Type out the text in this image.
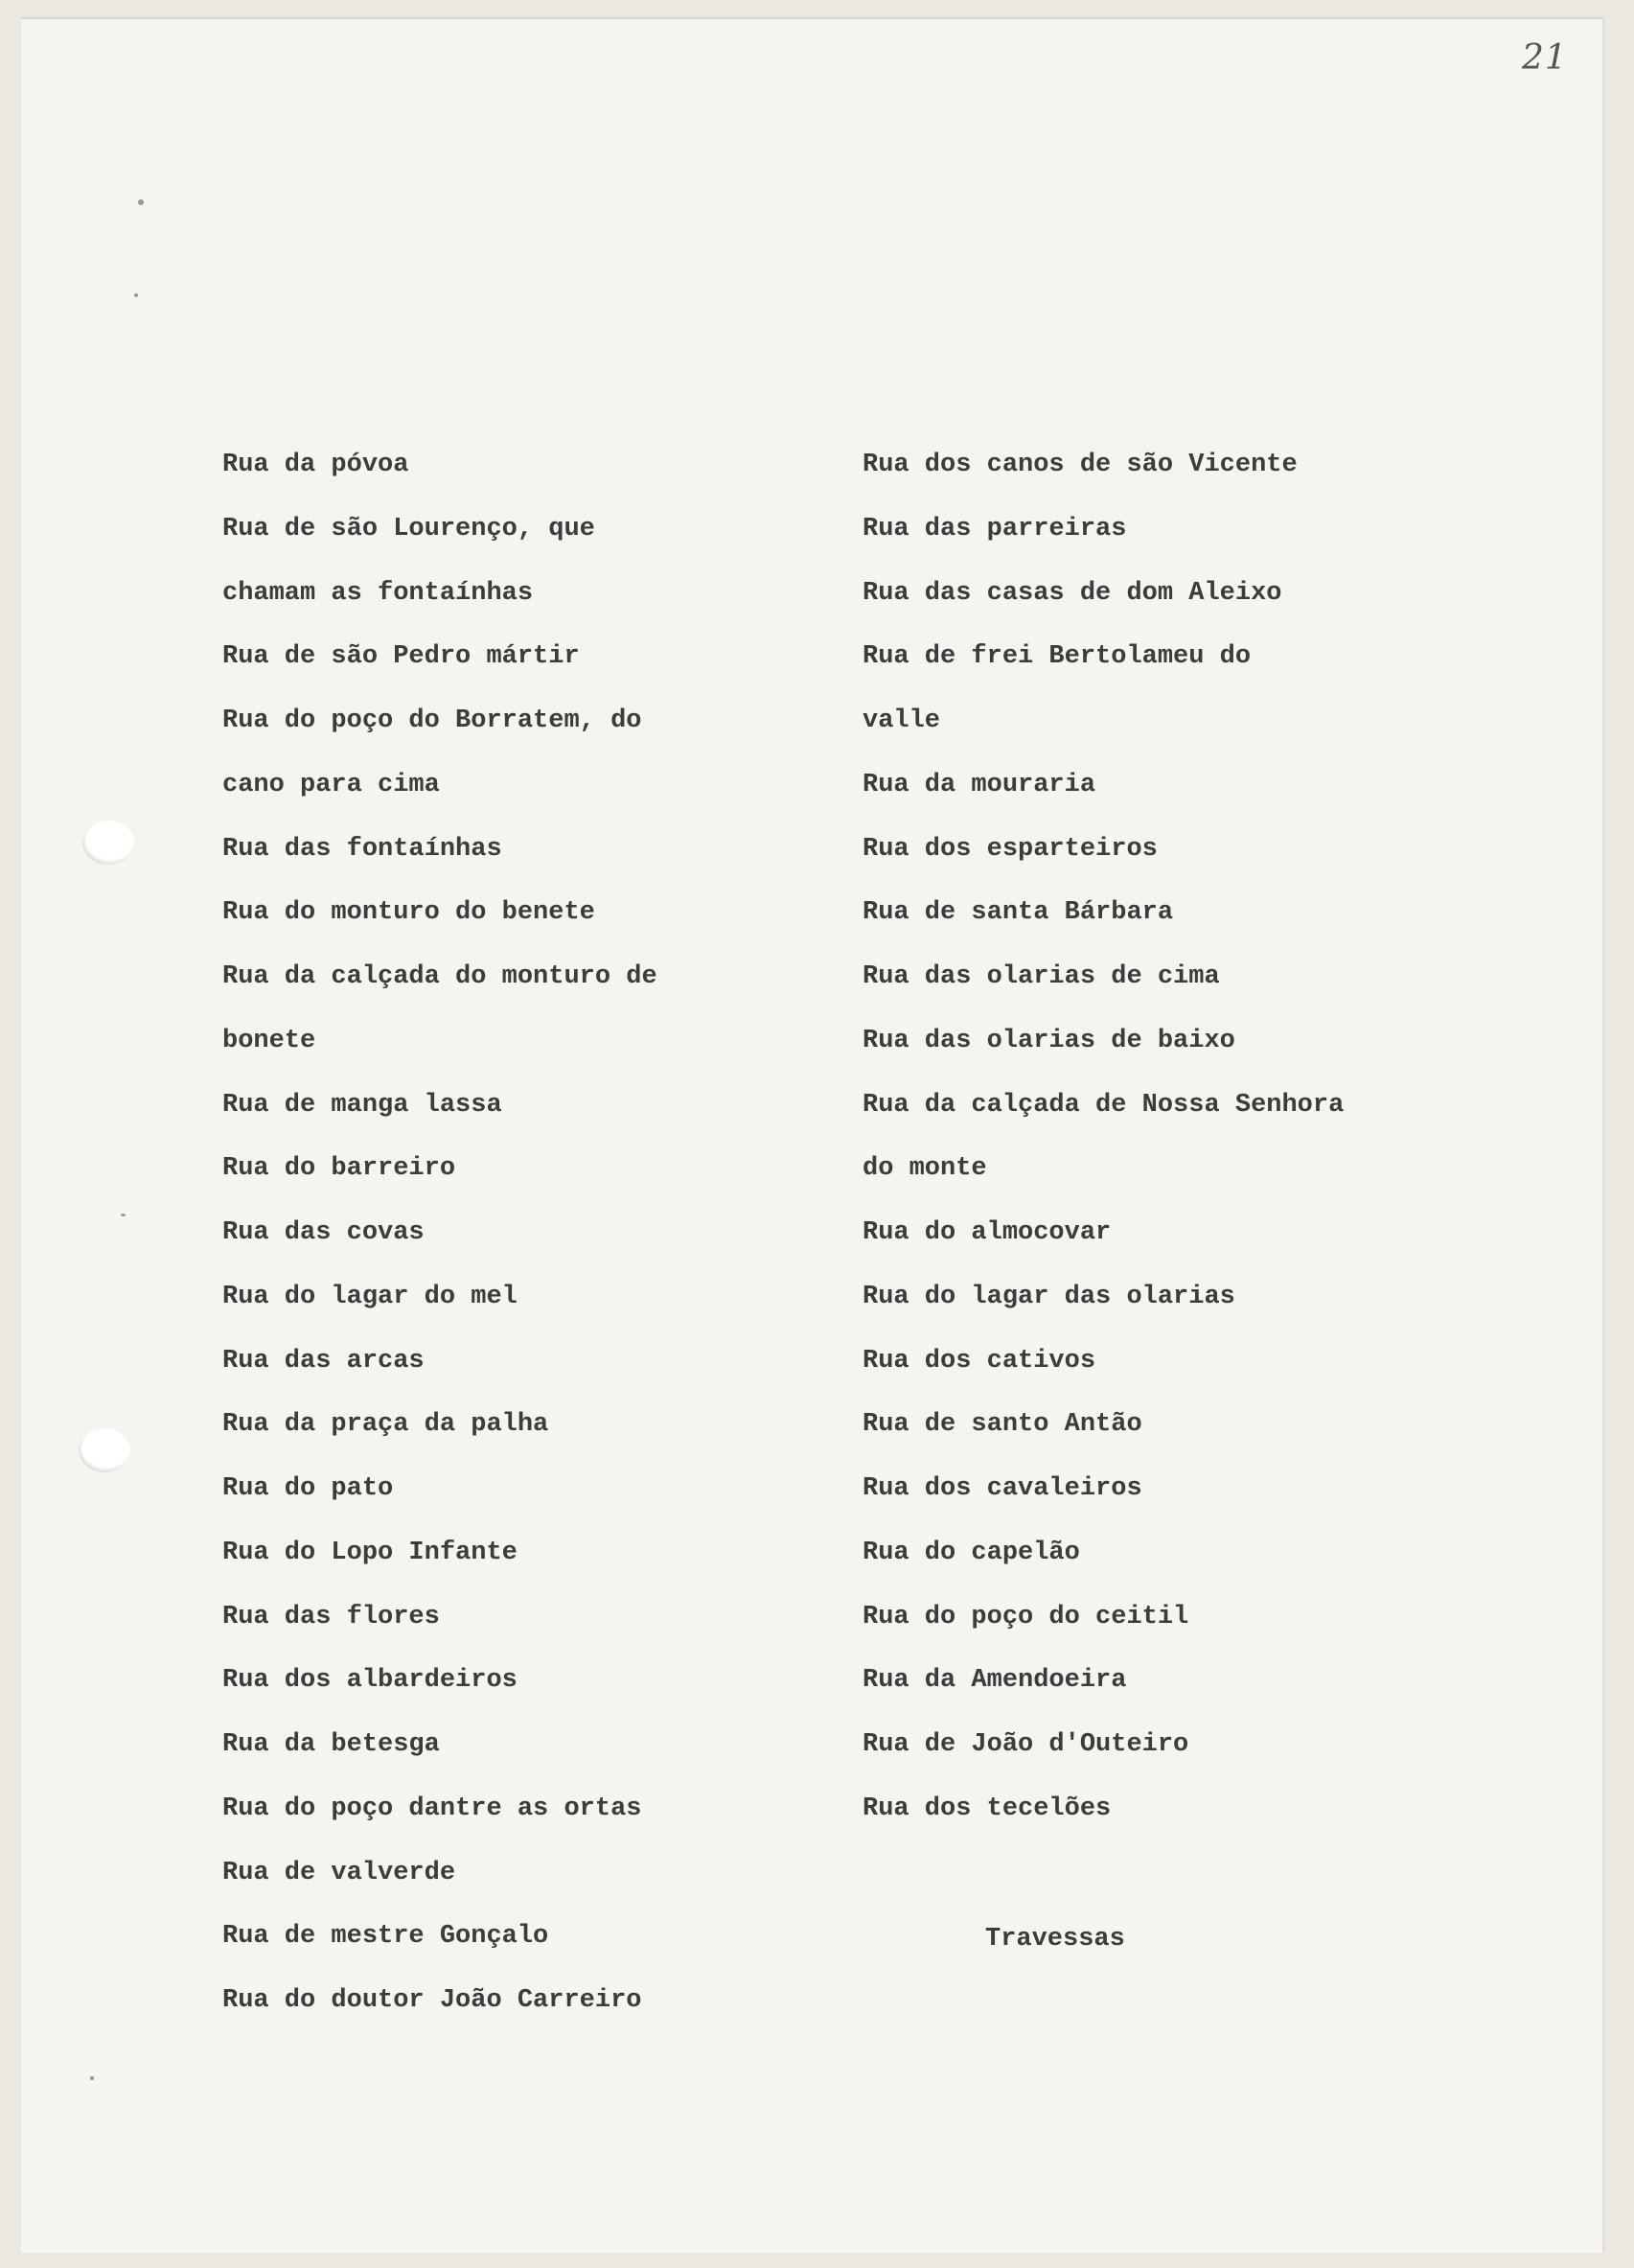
21
Rua da póvoa
Rua de são Lourenço, que
chamam as fontaínhas
Rua de são Pedro mártir
Rua do poço do Borratem, do
cano para cima
Rua das fontaínhas
Rua do monturo do benete
Rua da calçada do monturo de
bonete
Rua de manga lassa
Rua do barreiro
Rua das covas
Rua do lagar do mel
Rua das arcas
Rua da praça da palha
Rua do pato
Rua do Lopo Infante
Rua das flores
Rua dos albardeiros
Rua da betesga
Rua do poço dantre as ortas
Rua de valverde
Rua de mestre Gonçalo
Rua do doutor João Carreiro
Rua dos canos de são Vicente
Rua das parreiras
Rua das casas de dom Aleixo
Rua de frei Bertolameu do
valle
Rua da mouraria
Rua dos esparteiros
Rua de santa Bárbara
Rua das olarias de cima
Rua das olarias de baixo
Rua da calçada de Nossa Senhora
do monte
Rua do almocovar
Rua do lagar das olarias
Rua dos cativos
Rua de santo Antão
Rua dos cavaleiros
Rua do capelão
Rua do poço do ceitil
Rua da Amendoeira
Rua de João d'Outeiro
Rua dos tecelões
Travessas
